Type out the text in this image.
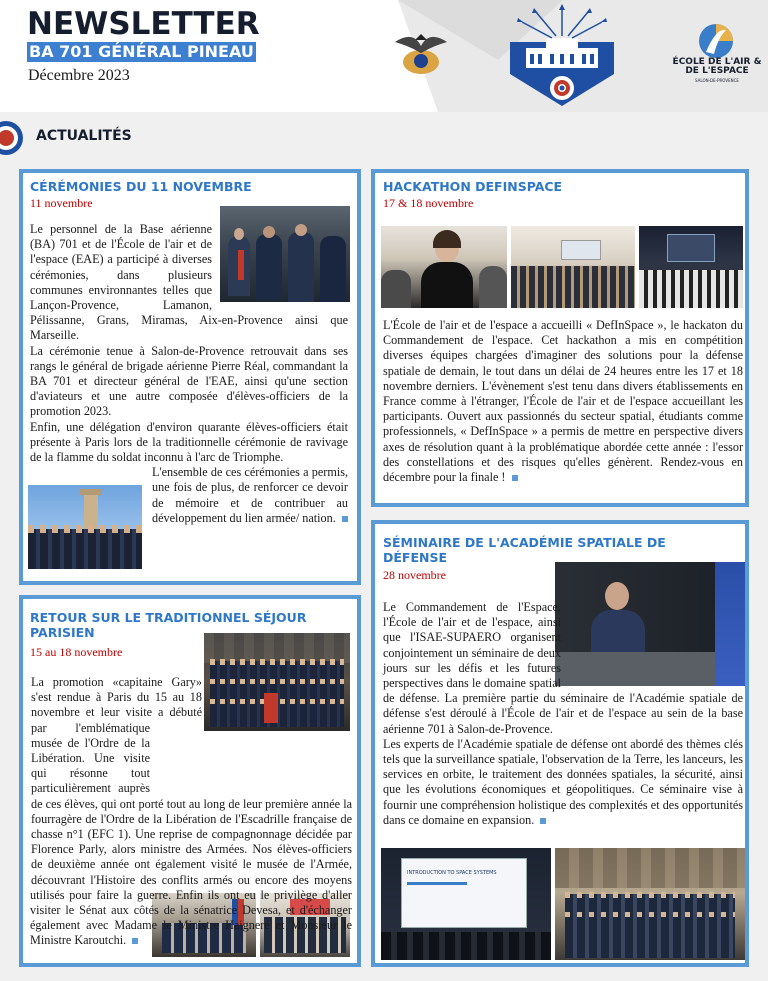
NEWSLETTER
BA 701 GÉNÉRAL PINEAU
Décembre 2023
ÉCOLE DE L'AIR & DE L'ESPACE
SALON-DE-PROVENCE
ACTUALITÉS
CÉRÉMONIES DU 11 NOVEMBRE
11 novembre
RETOUR SUR LE TRADITIONNEL SÉJOUR PARISIEN
15 au 18 novembre
La promotion «capitaine Gary» s'est rendue à Paris du 15 au 18 novembre et leur visite a débuté par l'emblématique musée de l'Ordre de la Libération. Une visite qui résonne tout particulièrement auprès de ces élèves, qui ont porté tout au long de leur première année la fourragère de l'Ordre de la Libération de l'Escadrille française de chasse n°1 (EFC 1). Une reprise de compagnonnage décidée par Florence Parly, alors ministre des Armées. Nos élèves-officiers de deuxième année ont également visité le musée de l'Armée, découvrant l'Histoire des conflits armés ou encore des moyens utilisés pour faire la guerre. Enfin ils ont eu le privilège d'aller visiter le Sénat aux côtés de la sénatrice Devesa, et d'échanger également avec Madame le Ministre Haigneré et Monsieur le Ministre Karoutchi.
HACKATHON DEFINSPACE
17 & 18 novembre
L'École de l'air et de l'espace a accueilli « DefInSpace », le hackaton du Commandement de l'espace. Cet hackathon a mis en compétition diverses équipes chargées d'imaginer des solutions pour la défense spatiale de demain, le tout dans un délai de 24 heures entre les 17 et 18 novembre derniers. L'évènement s'est tenu dans divers établissements en France comme à l'étranger, l'École de l'air et de l'espace accueillant les participants. Ouvert aux passionnés du secteur spatial, étudiants comme professionnels, « DefInSpace » a permis de mettre en perspective divers axes de résolution quant à la problématique abordée cette année : l'essor des constellations et des risques qu'elles génèrent. Rendez-vous en décembre pour la finale !
SÉMINAIRE DE L'ACADÉMIE SPATIALE DE DÉFENSE
28 novembre
Le Commandement de l'Espace, l'École de l'air et de l'espace, ainsi que l'ISAE-SUPAERO organisent conjointement un séminaire de deux jours sur les défis et les futures perspectives dans le domaine spatial de défense. La première partie du séminaire de l'Académie spatiale de défense s'est déroulé à l'École de l'air et de l'espace au sein de la base aérienne 701 à Salon-de-Provence.
Les experts de l'Académie spatiale de défense ont abordé des thèmes clés tels que la surveillance spatiale, l'observation de la Terre, les lanceurs, les services en orbite, le traitement des données spatiales, la sécurité, ainsi que les évolutions économiques et géopolitiques. Ce séminaire vise à fournir une compréhension holistique des complexités et des opportunités dans ce domaine en expansion.
INTRODUCTION TO SPACE SYSTEMS
Le personnel de la Base aérienne (BA) 701 et de l'École de l'air et de l'espace (EAE) a participé à diverses cérémonies, dans plusieurs communes environnantes telles que Lançon-Provence, Lamanon, Pélissanne, Grans, Miramas, Aix-en-Provence ainsi que Marseille.
La cérémonie tenue à Salon-de-Provence retrouvait dans ses rangs le général de brigade aérienne Pierre Réal, commandant la BA 701 et directeur général de l'EAE, ainsi qu'une section d'aviateurs et une autre composée d'élèves-officiers de la promotion 2023.
Enfin, une délégation d'environ quarante élèves-officiers était présente à Paris lors de la traditionnelle cérémonie de ravivage de la flamme du soldat inconnu à l'arc de Triomphe.

L'ensemble de ces cérémonies a permis, une fois de plus, de renforcer ce devoir de mémoire et de contribuer au développement du lien armée/ nation.
